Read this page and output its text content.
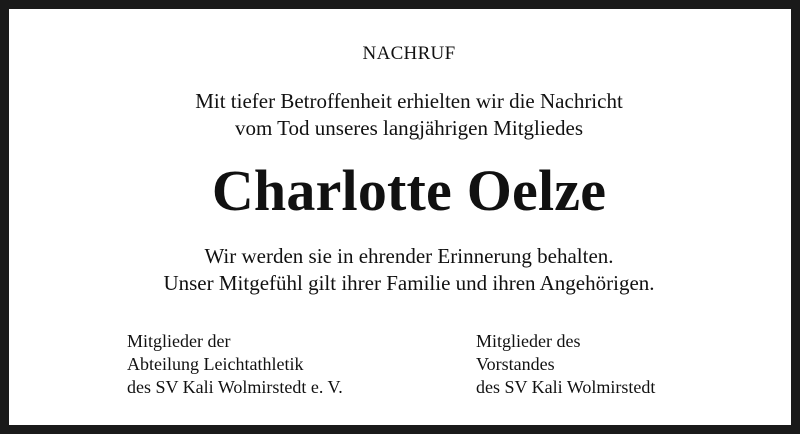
NACHRUF
Mit tiefer Betroffenheit erhielten wir die Nachricht
vom Tod unseres langjährigen Mitgliedes
Charlotte Oelze
Wir werden sie in ehrender Erinnerung behalten.
Unser Mitgefühl gilt ihrer Familie und ihren Angehörigen.
Mitglieder der
Abteilung Leichtathletik
des SV Kali Wolmirstedt e. V.
Mitglieder des
Vorstandes
des SV Kali Wolmirstedt
